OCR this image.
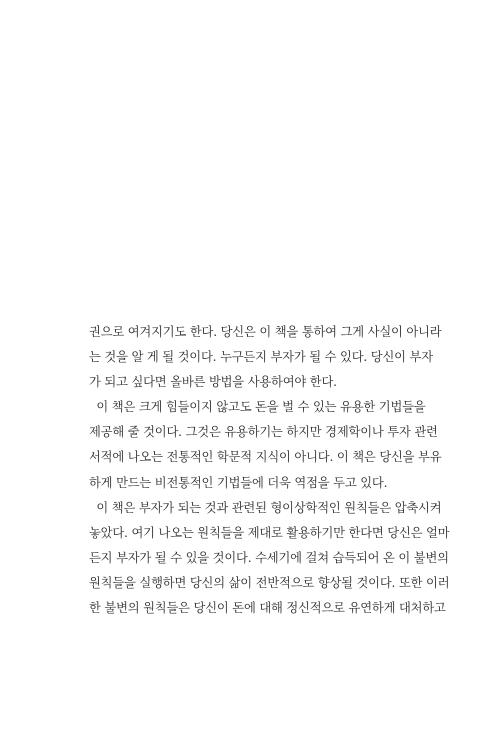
권으로 여겨지기도 한다. 당신은 이 책을 통하여 그게 사실이 아니라
는 것을 알 게 될 것이다. 누구든지 부자가 될 수 있다. 당신이 부자
가 되고 싶다면 올바른 방법을 사용하여야 한다.
이 책은 크게 힘들이지 않고도 돈을 벌 수 있는 유용한 기법들을
제공해 줄 것이다. 그것은 유용하기는 하지만 경제학이나 투자 관련
서적에 나오는 전통적인 학문적 지식이 아니다. 이 책은 당신을 부유
하게 만드는 비전통적인 기법들에 더욱 역점을 두고 있다.
이 책은 부자가 되는 것과 관련된 형이상학적인 원칙들은 압축시켜
놓았다. 여기 나오는 원칙들을 제대로 활용하기만 한다면 당신은 얼마
든지 부자가 될 수 있을 것이다. 수세기에 걸쳐 습득되어 온 이 불변의
원칙들을 실행하면 당신의 삶이 전반적으로 향상될 것이다. 또한 이러
한 불변의 원칙들은 당신이 돈에 대해 정신적으로 유연하게 대처하고
